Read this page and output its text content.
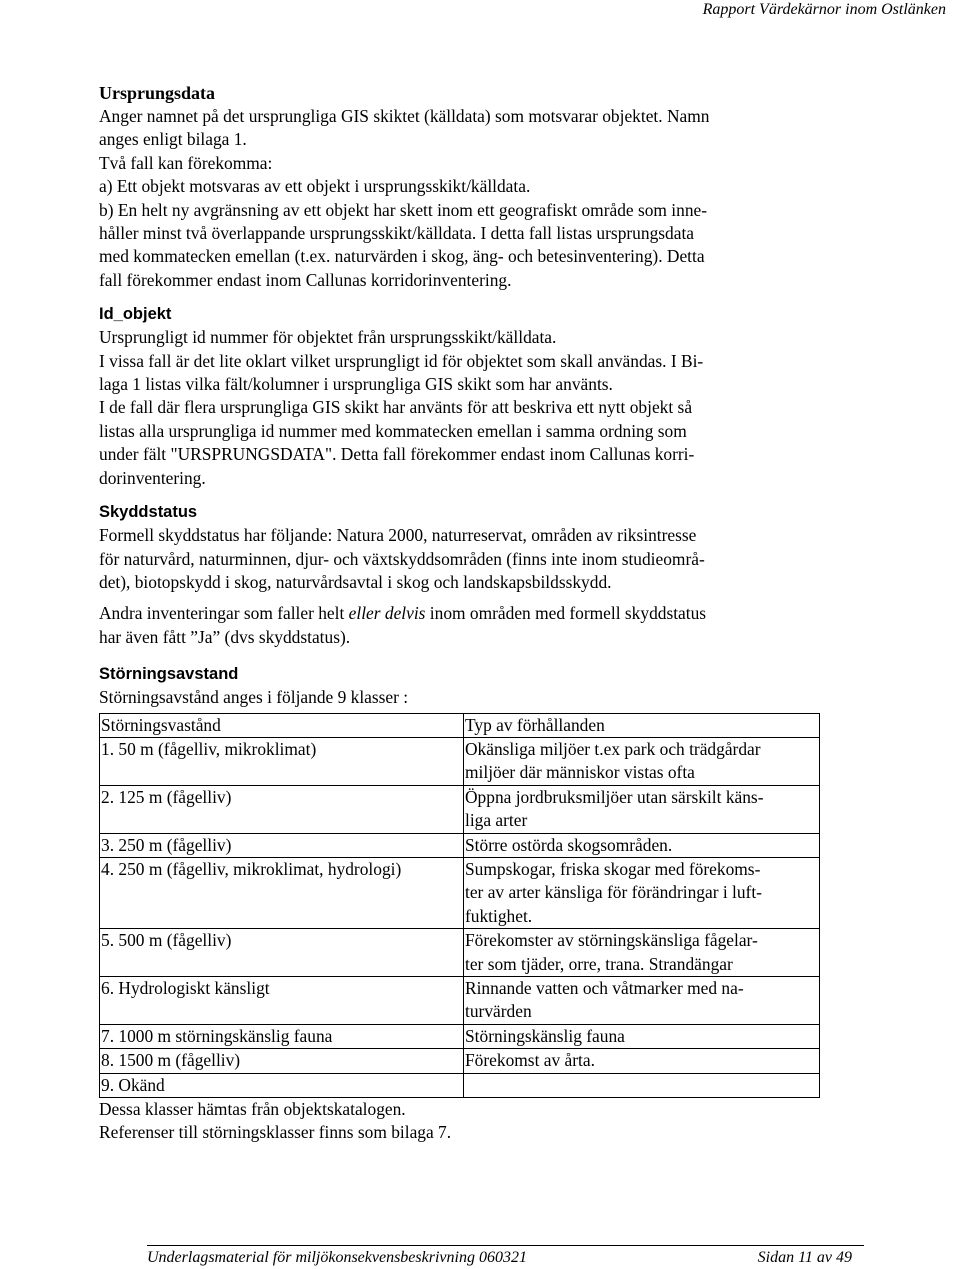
Rapport Värdekärnor inom Ostlänken
Ursprungsdata

Anger namnet på det ursprungliga GIS skiktet (källdata) som motsvarar objektet. Namn

anges enligt bilaga 1.

Två fall kan förekomma:

a) Ett objekt motsvaras av ett objekt i ursprungsskikt/källdata.

b) En helt ny avgränsning av ett objekt har skett inom ett geografiskt område som inne-

håller minst två överlappande ursprungsskikt/källdata. I detta fall listas ursprungsdata

med kommatecken emellan (t.ex. naturvärden i skog, äng- och betesinventering). Detta

fall förekommer endast inom Callunas korridorinventering.

Id_objekt

Ursprungligt id nummer för objektet från ursprungsskikt/källdata.

I vissa fall är det lite oklart vilket ursprungligt id för objektet som skall användas. I Bi-

laga 1 listas vilka fält/kolumner i ursprungliga GIS skikt som har använts.

I de fall där flera ursprungliga GIS skikt har använts för att beskriva ett nytt objekt så

listas alla ursprungliga id nummer med kommatecken emellan i samma ordning som

under fält "URSPRUNGSDATA". Detta fall förekommer endast inom Callunas korri-

dorinventering.

Skyddstatus

Formell skyddstatus har följande: Natura 2000, naturreservat, områden av riksintresse

för naturvård, naturminnen, djur- och växtskyddsområden (finns inte inom studieområ-

det), biotopskydd i skog, naturvårdsavtal i skog och landskapsbildsskydd.

Andra inventeringar som faller helt eller delvis inom områden med formell skyddstatus

har även fått ”Ja” (dvs skyddstatus).

Störningsavstand

Störningsavstånd anges i följande 9 klasser :

Störningsvastånd	Typ av förhållanden
1. 50 m (fågelliv, mikroklimat)	Okänsliga miljöer t.ex park och trädgårdar
miljöer där människor vistas ofta

2. 125 m (fågelliv)	Öppna jordbruksmiljöer utan särskilt käns-
liga arter

3. 250 m (fågelliv)	Större ostörda skogsområden.

4. 250 m (fågelliv, mikroklimat, hydrologi)	Sumpskogar, friska skogar med förekoms-
ter av arter känsliga för förändringar i luft-
fuktighet.

5. 500 m (fågelliv)	Förekomster av störningskänsliga fågelar-
ter som tjäder, orre, trana. Strandängar

6. Hydrologiskt känsligt	Rinnande vatten och våtmarker med na-
turvärden

7. 1000 m störningskänslig fauna	Störningskänslig fauna

8. 1500 m (fågelliv)	Förekomst av årta.

9. Okänd	

Dessa klasser hämtas från objektskatalogen.

Referenser till störningsklasser finns som bilaga 7.

Underlagsmaterial för miljökonsekvensbeskrivning 060321	Sidan 11 av 49
